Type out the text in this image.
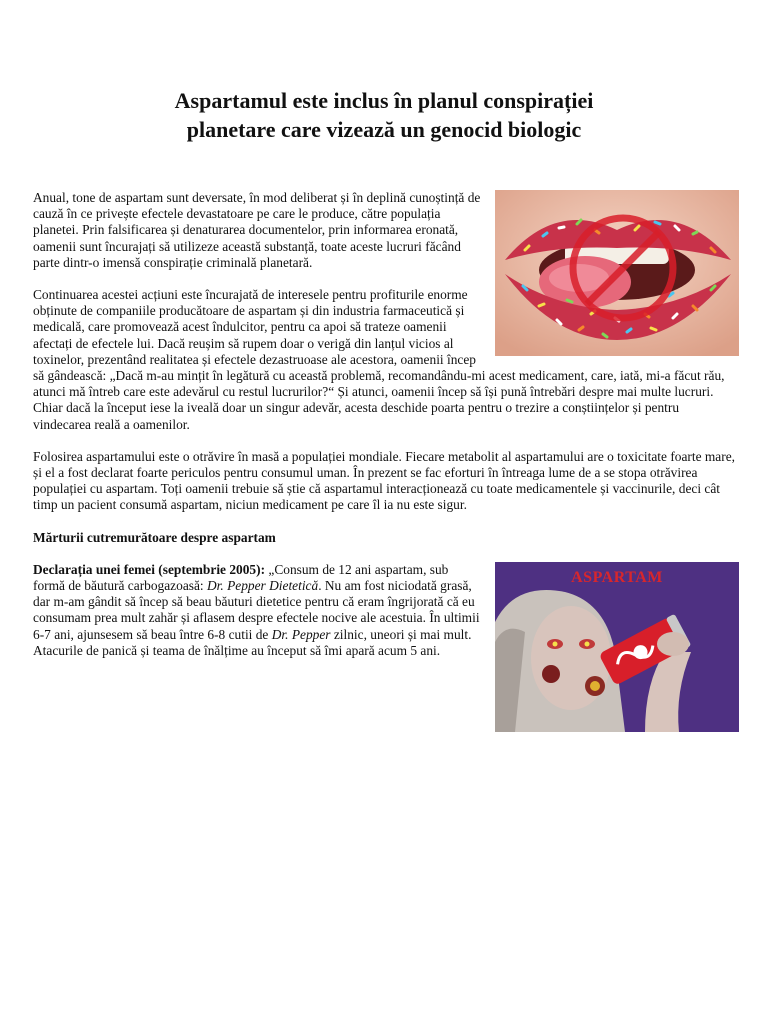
Aspartamul este inclus în planul conspirației
planetare care vizează un genocid biologic

Anual, tone de aspartam sunt deversate, în mod deliberat și în deplină cunoștință de cauză în ce privește efectele devastatoare pe care le produce, către populația planetei. Prin falsificarea și denaturarea documentelor, prin informarea eronată, oamenii sunt încurajați să utilizeze această substanță, toate aceste lucruri făcând parte dintr-o imensă conspirație criminală planetară.

Continuarea acestei acțiuni este încurajată de interesele pentru profiturile enorme obținute de companiile producătoare de aspartam și din industria farmaceutică și medicală, care promovează acest îndulcitor, pentru ca apoi să trateze oamenii afectați de efectele lui. Dacă reușim să rupem doar o verigă din lanțul vicios al toxinelor, prezentând realitatea și efectele dezastruoase ale acestora, oamenii încep să gândească: „Dacă m-au mințit în legătură cu această problemă, recomandându-mi acest medicament, care, iată, mi-a făcut rău, atunci mă întreb care este adevărul cu restul lucrurilor?“ Și atunci, oamenii încep să își pună întrebări despre mai multe lucruri. Chiar dacă la început iese la iveală doar un singur adevăr, acesta deschide poarta pentru o trezire a conștiințelor și pentru vindecarea reală a oamenilor.

Folosirea aspartamului este o otrăvire în masă a populației mondiale. Fiecare metabolit al aspartamului are o toxicitate foarte mare, și el a fost declarat foarte periculos pentru consumul uman. În prezent se fac eforturi în întreaga lume de a se stopa otrăvirea populației cu aspartam. Toți oamenii trebuie să știe că aspartamul interacționează cu toate medicamentele și vaccinurile, deci cât timp un pacient consumă aspartam, niciun medicament pe care îl ia nu este sigur.

Mărturii cutremurătoare despre aspartam

ASPARTAM

Declarația unei femei (septembrie 2005): „Consum de 12 ani aspartam, sub formă de băutură carbogazoasă: Dr. Pepper Dietetică. Nu am fost niciodată grasă, dar m-am gândit să încep să beau băuturi dietetice pentru că eram îngrijorată că eu consumam prea mult zahăr și aflasem despre efectele nocive ale acestuia. În ultimii 6-7 ani, ajunsesem să beau între 6-8 cutii de Dr. Pepper zilnic, uneori și mai mult. Atacurile de panică și teama de înălțime au început să îmi apară acum 5 ani.
